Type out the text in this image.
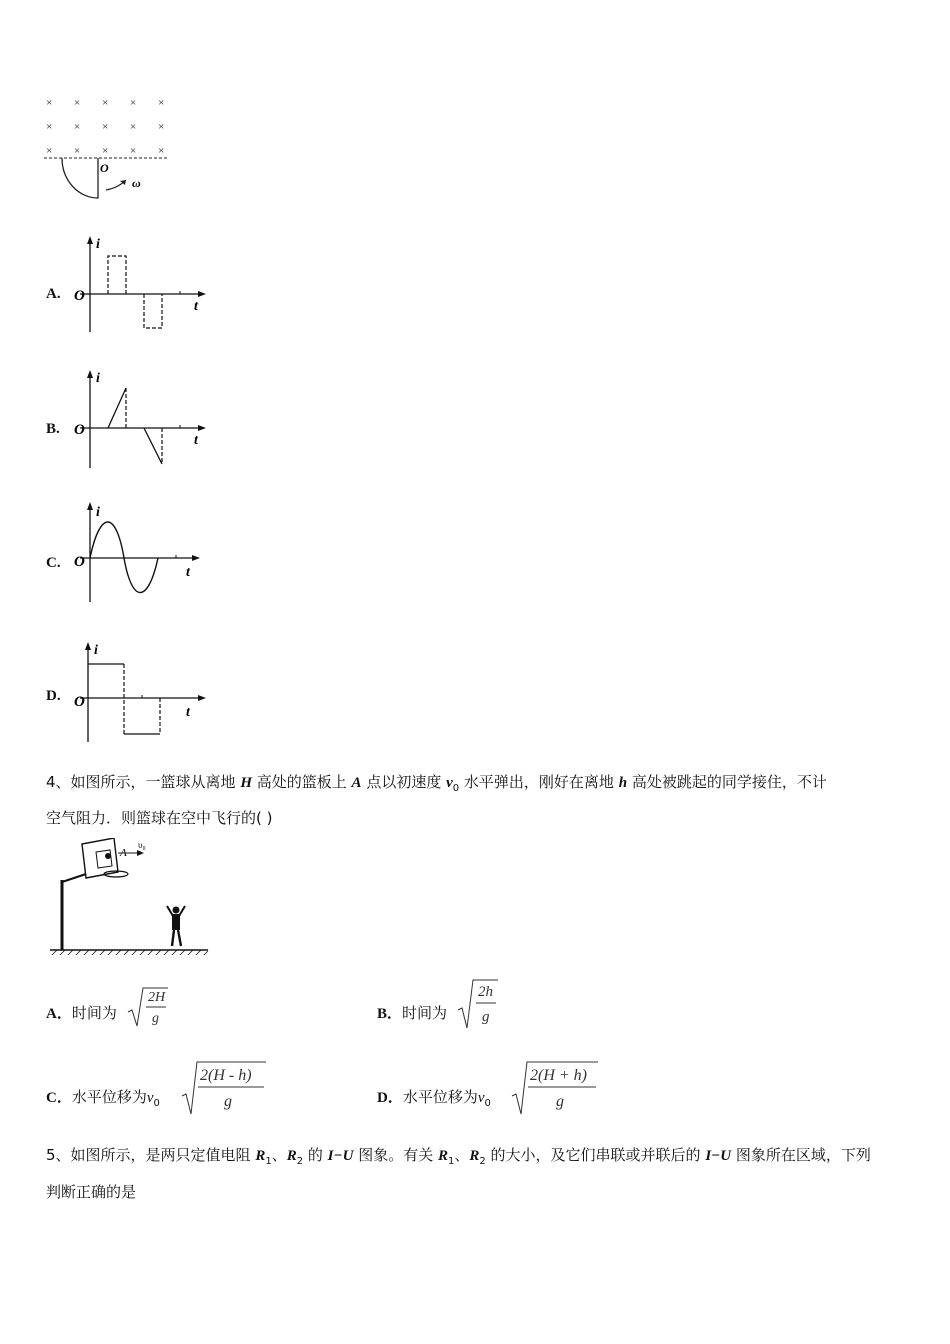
× × × × ×
× × × × ×
× × × × ×
O
ω
A.
i
O
t
B.
i
O
t
C.
i
O
t
D.
i
O
t
4、如图所示，一篮球从离地 H 高处的篮板上 A 点以初速度 $v_0$ 水平弹出，刚好在离地 h 高处被跳起的同学接住，不计
空气阻力．则篮球在空中飞行的( )
A
υ₀
A．时间为
2H
g	B．时间为
2h
g
C．水平位移为$v_0$
2(H - h)
g	D．水平位移为$v_0$
2(H + h)
g
5、如图所示，是两只定值电阻 $R_1$、$R_2$ 的 I−U 图象。有关 $R_1$、$R_2$ 的大小，及它们串联或并联后的 I−U 图象所在区域，下列
判断正确的是
